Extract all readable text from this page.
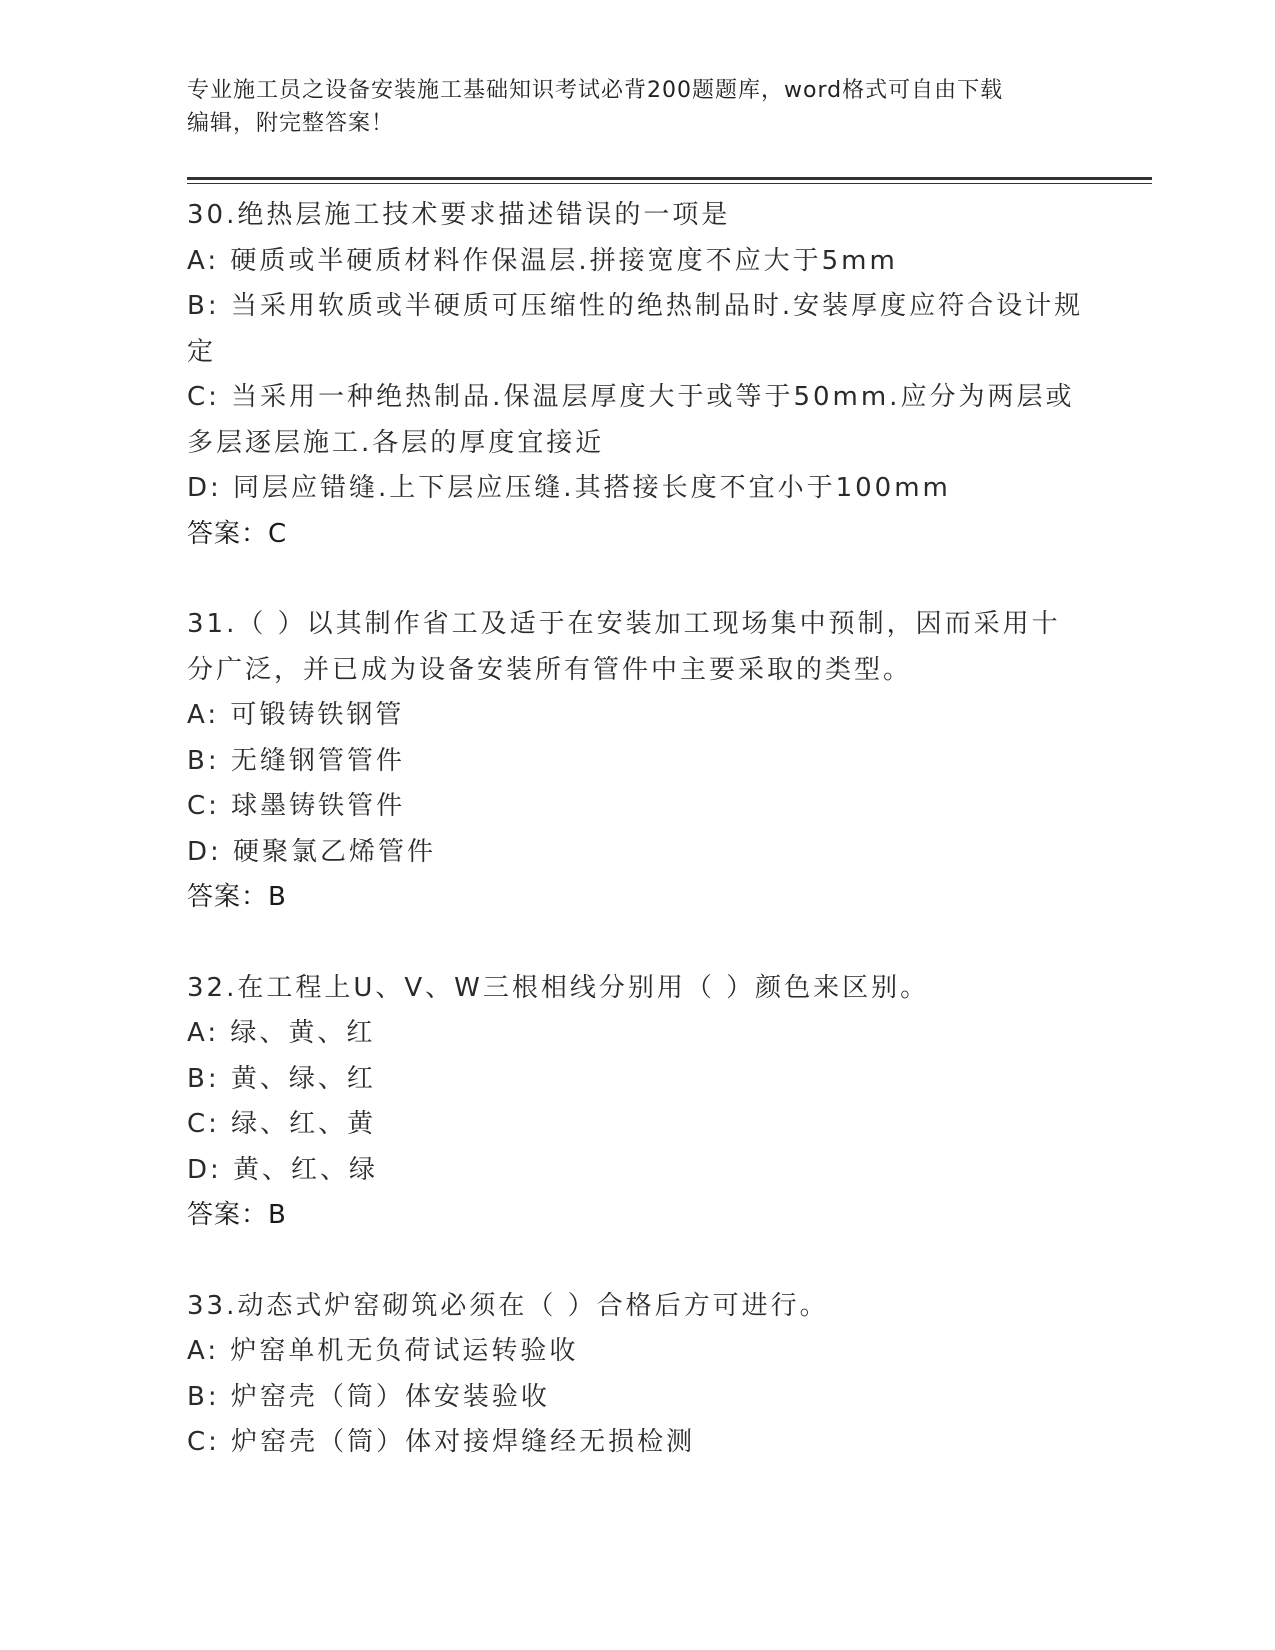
专业施工员之设备安装施工基础知识考试必背200题题库，word格式可自由下载
编辑，附完整答案！

30.绝热层施工技术要求描述错误的一项是

A: 硬质或半硬质材料作保温层.拼接宽度不应大于5mm

B: 当采用软质或半硬质可压缩性的绝热制品时.安装厚度应符合设计规定

C: 当采用一种绝热制品.保温层厚度大于或等于50mm.应分为两层或多层逐层施工.各层的厚度宜接近

D: 同层应错缝.上下层应压缝.其搭接长度不宜小于100mm

答案：C

31.（ ）以其制作省工及适于在安装加工现场集中预制，因而采用十分广泛，并已成为设备安装所有管件中主要采取的类型。

A: 可锻铸铁钢管

B: 无缝钢管管件

C: 球墨铸铁管件

D: 硬聚氯乙烯管件

答案：B

32.在工程上U、V、W三根相线分别用（ ）颜色来区别。

A: 绿、黄、红

B: 黄、绿、红

C: 绿、红、黄

D: 黄、红、绿

答案：B

33.动态式炉窑砌筑必须在（ ）合格后方可进行。

A: 炉窑单机无负荷试运转验收

B: 炉窑壳（筒）体安装验收

C: 炉窑壳（筒）体对接焊缝经无损检测
